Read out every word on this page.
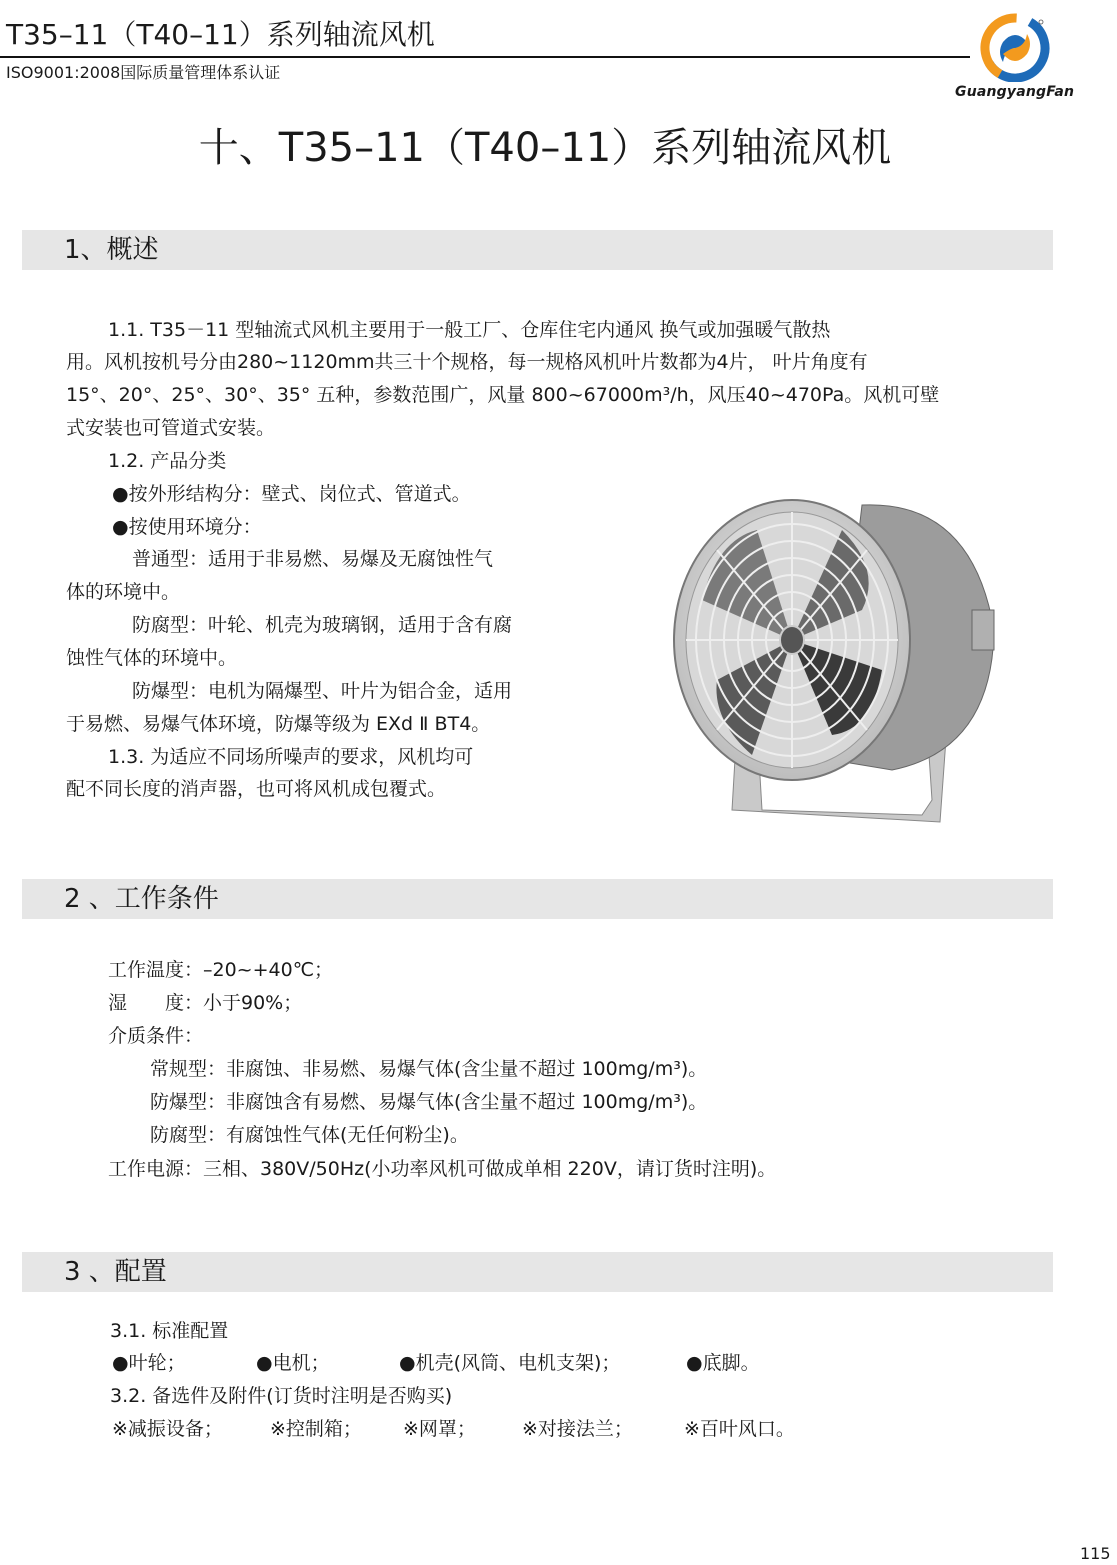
T35–11（T40–11）系列轴流风机
ISO9001:2008国际质量管理体系认证
GuangyangFan
十、T35–11（T40–11）系列轴流风机
1、概述
1.1. T35－11 型轴流式风机主要用于一般工厂、仓库住宅内通风 换气或加强暖气散热
用。风机按机号分由280~1120mm共三十个规格，每一规格风机叶片数都为4片， 叶片角度有
15°、20°、25°、30°、35° 五种，参数范围广，风量 800~67000m³/h，风压40~470Pa。风机可壁
式安装也可管道式安装。
1.2. 产品分类
●按外形结构分：壁式、岗位式、管道式。
●按使用环境分：
普通型：适用于非易燃、易爆及无腐蚀性气
体的环境中。
防腐型：叶轮、机壳为玻璃钢，适用于含有腐
蚀性气体的环境中。
防爆型：电机为隔爆型、叶片为铝合金，适用
于易燃、易爆气体环境，防爆等级为 EXd Ⅱ BT4。
1.3. 为适应不同场所噪声的要求，风机均可
配不同长度的消声器，也可将风机成包覆式。
2 、工作条件
工作温度：–20~+40℃；
湿　　度：小于90%；
介质条件：
常规型：非腐蚀、非易燃、易爆气体(含尘量不超过 100mg/m³)。
防爆型：非腐蚀含有易燃、易爆气体(含尘量不超过 100mg/m³)。
防腐型：有腐蚀性气体(无任何粉尘)。
工作电源：三相、380V/50Hz(小功率风机可做成单相 220V，请订货时注明)。
3 、配置
3.1. 标准配置
●叶轮；	●电机；	●机壳(风筒、电机支架)；	●底脚。
3.2. 备选件及附件(订货时注明是否购买)
※减振设备； ※控制箱； ※网罩； ※对接法兰；	※百叶风口。
115
